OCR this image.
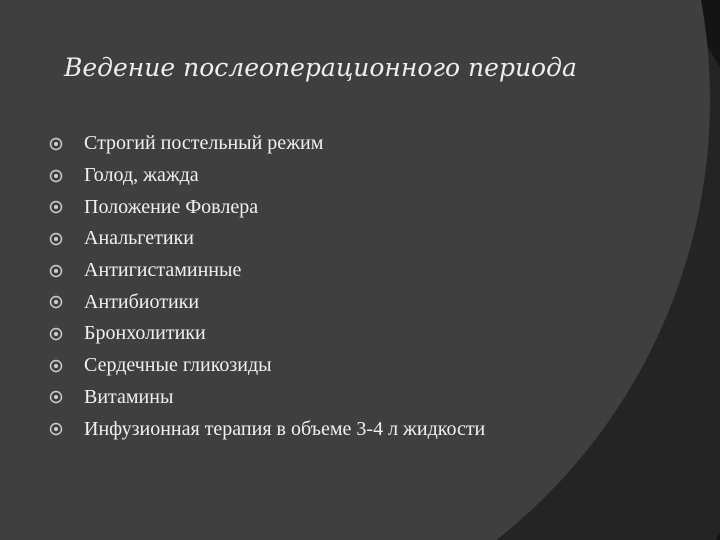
Ведение послеоперационного периода
Строгий постельный режим
Голод, жажда
Положение Фовлера
Анальгетики
Антигистаминные
Антибиотики
Бронхолитики
Сердечные гликозиды
Витамины
Инфузионная терапия в объеме 3-4 л жидкости
